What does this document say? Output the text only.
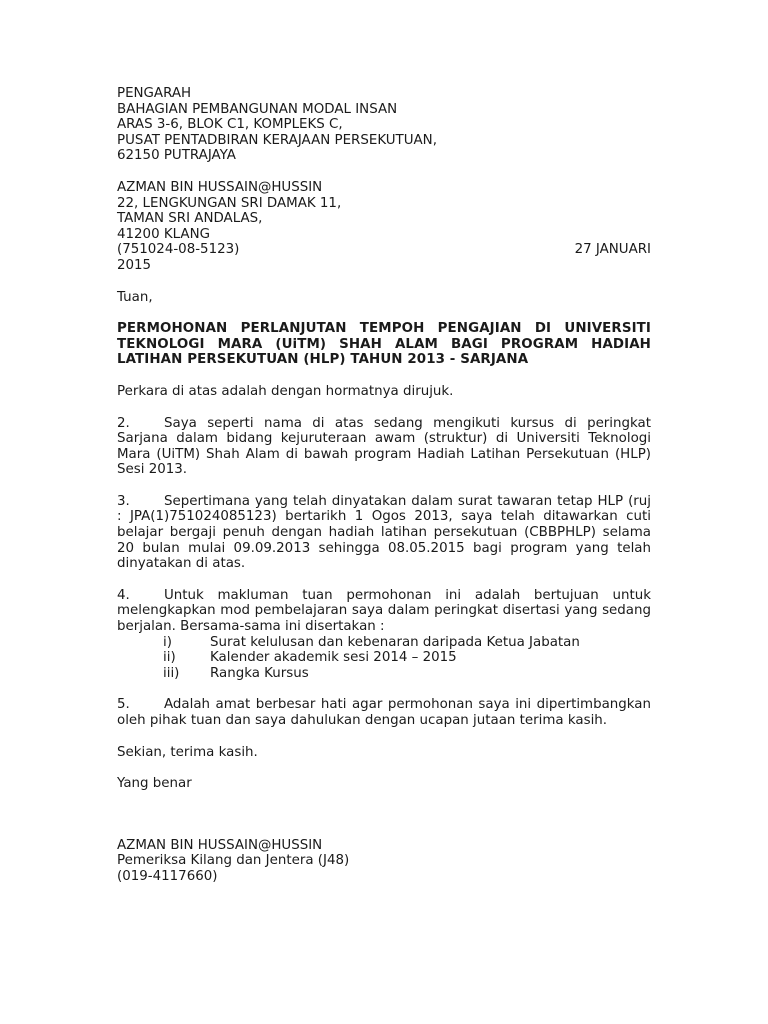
PENGARAH
BAHAGIAN PEMBANGUNAN MODAL INSAN
ARAS 3-6, BLOK C1, KOMPLEKS C,
PUSAT PENTADBIRAN KERAJAAN PERSEKUTUAN,
62150 PUTRAJAYA
AZMAN BIN HUSSAIN@HUSSIN
22, LENGKUNGAN SRI DAMAK 11,
TAMAN SRI ANDALAS,
41200 KLANG
(751024-08-5123)	27 JANUARI
2015

Tuan,

PERMOHONAN PERLANJUTAN TEMPOH PENGAJIAN DI UNIVERSITI TEKNOLOGI MARA (UiTM) SHAH ALAM BAGI PROGRAM HADIAH LATIHAN PERSEKUTUAN (HLP) TAHUN 2013 - SARJANA

Perkara di atas adalah dengan hormatnya dirujuk.

2.	Saya seperti nama di atas sedang mengikuti kursus di peringkat Sarjana dalam bidang kejuruteraan awam (struktur) di Universiti Teknologi Mara (UiTM) Shah Alam di bawah program Hadiah Latihan Persekutuan (HLP) Sesi 2013.

3.	Sepertimana yang telah dinyatakan dalam surat tawaran tetap HLP (ruj : JPA(1)751024085123) bertarikh 1 Ogos 2013, saya telah ditawarkan cuti belajar bergaji penuh dengan hadiah latihan persekutuan (CBBPHLP) selama 20 bulan mulai 09.09.2013 sehingga 08.05.2015 bagi program yang telah dinyatakan di atas.

4.	Untuk makluman tuan permohonan ini adalah bertujuan untuk melengkapkan mod pembelajaran saya dalam peringkat disertasi yang sedang berjalan. Bersama-sama ini disertakan :

i)	Surat kelulusan dan kebenaran daripada Ketua Jabatan
ii)	Kalender akademik sesi 2014 – 2015
iii)	Rangka Kursus

5.	Adalah amat berbesar hati agar permohonan saya ini dipertimbangkan oleh pihak tuan dan saya dahulukan dengan ucapan jutaan terima kasih.

Sekian, terima kasih.

Yang benar

AZMAN BIN HUSSAIN@HUSSIN
Pemeriksa Kilang dan Jentera (J48)
(019-4117660)
